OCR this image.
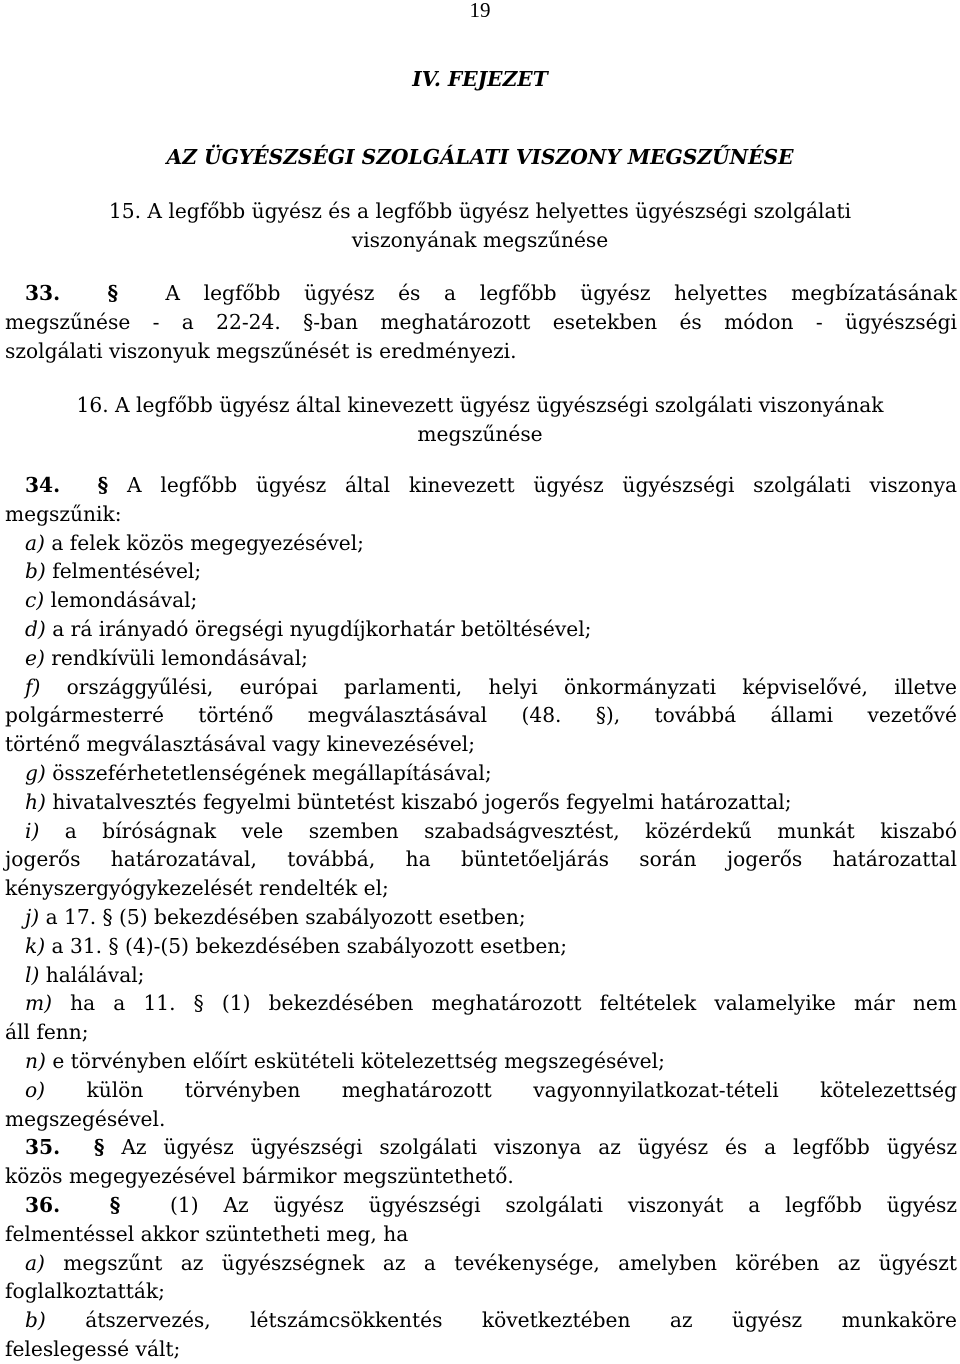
19
IV. FEJEZET
AZ ÜGYÉSZSÉGI SZOLGÁLATI VISZONY MEGSZŰNÉSE
15. A legfőbb ügyész és a legfőbb ügyész helyettes ügyészségi szolgálati
viszonyának megszűnése
33. § A legfőbb ügyész és a legfőbb ügyész helyettes megbízatásának
megszűnése - a 22-24. §-ban meghatározott esetekben és módon - ügyészségi
szolgálati viszonyuk megszűnését is eredményezi.
16. A legfőbb ügyész által kinevezett ügyész ügyészségi szolgálati viszonyának
megszűnése
34. § A legfőbb ügyész által kinevezett ügyész ügyészségi szolgálati viszonya
megszűnik:
a) a felek közös megegyezésével;
b) felmentésével;
c) lemondásával;
d) a rá irányadó öregségi nyugdíjkorhatár betöltésével;
e) rendkívüli lemondásával;
f) országgyűlési, európai parlamenti, helyi önkormányzati képviselővé, illetve
polgármesterré történő megválasztásával (48. §), továbbá állami vezetővé
történő megválasztásával vagy kinevezésével;
g) összeférhetetlenségének megállapításával;
h) hivatalvesztés fegyelmi büntetést kiszabó jogerős fegyelmi határozattal;
i) a bíróságnak vele szemben szabadságvesztést, közérdekű munkát kiszabó
jogerős határozatával, továbbá, ha büntetőeljárás során jogerős határozattal
kényszergyógykezelését rendelték el;
j) a 17. § (5) bekezdésében szabályozott esetben;
k) a 31. § (4)-(5) bekezdésében szabályozott esetben;
l) halálával;
m) ha a 11. § (1) bekezdésében meghatározott feltételek valamelyike már nem
áll fenn;
n) e törvényben előírt eskütételi kötelezettség megszegésével;
o) külön törvényben meghatározott vagyonnyilatkozat-tételi kötelezettség
megszegésével.
35. § Az ügyész ügyészségi szolgálati viszonya az ügyész és a legfőbb ügyész
közös megegyezésével bármikor megszüntethető.
36. § (1) Az ügyész ügyészségi szolgálati viszonyát a legfőbb ügyész
felmentéssel akkor szüntetheti meg, ha
a) megszűnt az ügyészségnek az a tevékenysége, amelyben körében az ügyészt
foglalkoztatták;
b) átszervezés, létszámcsökkentés következtében az ügyész munkaköre
feleslegessé vált;
